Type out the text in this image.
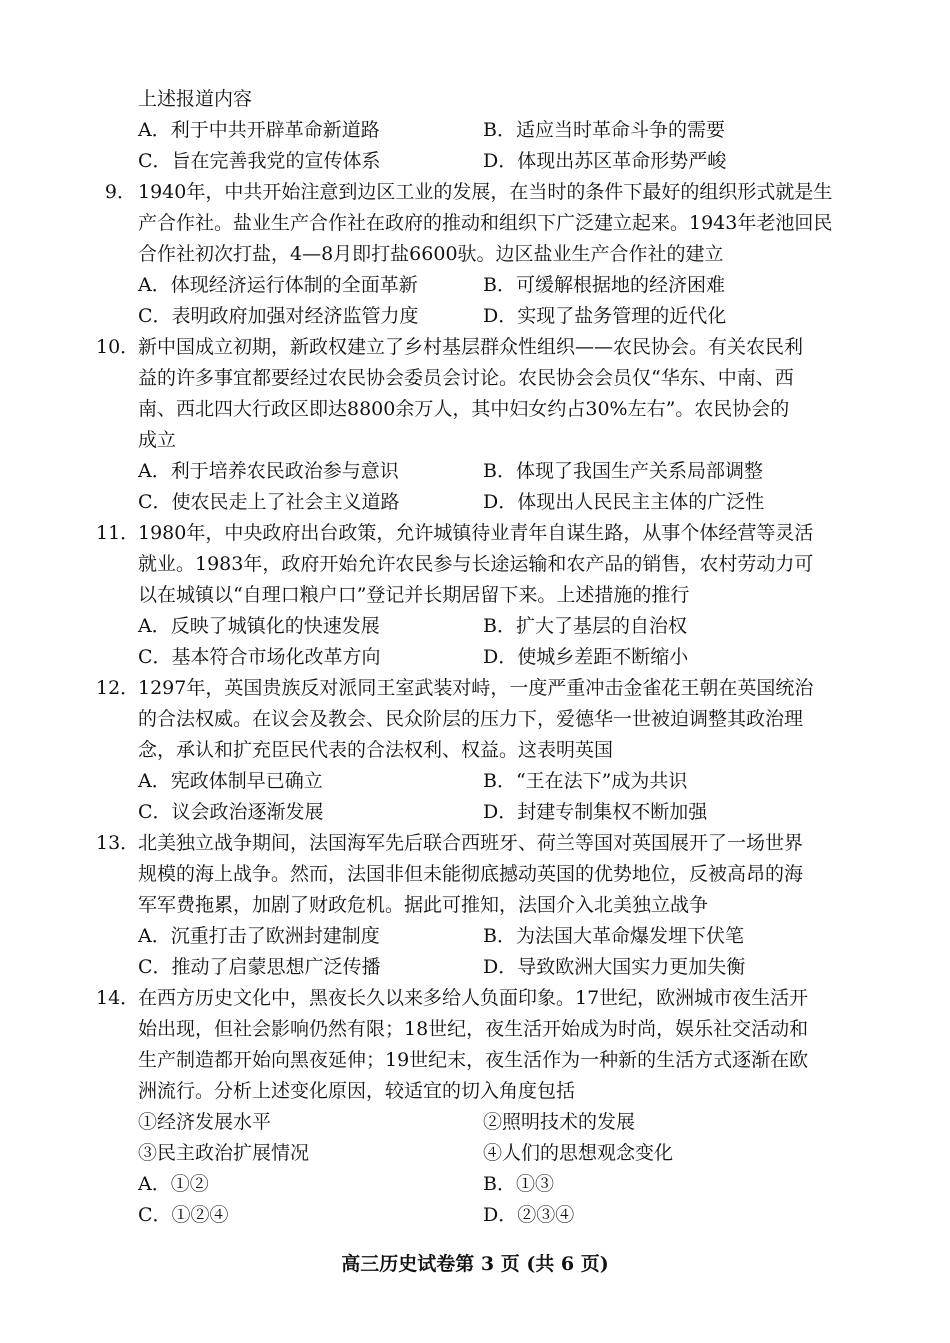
上述报道内容
A．利于中共开辟革命新道路	B．适应当时革命斗争的需要
C．旨在完善我党的宣传体系	D．体现出苏区革命形势严峻
9． 1940年，中共开始注意到边区工业的发展，在当时的条件下最好的组织形式就是生
产合作社。盐业生产合作社在政府的推动和组织下广泛建立起来。1943年老池回民
合作社初次打盐，4—8月即打盐6600驮。边区盐业生产合作社的建立
A．体现经济运行体制的全面革新	B．可缓解根据地的经济困难
C．表明政府加强对经济监管力度	D．实现了盐务管理的近代化
10．
新中国成立初期，新政权建立了乡村基层群众性组织——农民协会。有关农民利
益的许多事宜都要经过农民协会委员会讨论。农民协会会员仅“华东、中南、西
南、西北四大行政区即达8800余万人，其中妇女约占30%左右”。农民协会的
成立
A．利于培养农民政治参与意识	B．体现了我国生产关系局部调整
C．使农民走上了社会主义道路	D．体现出人民民主主体的广泛性
11．
1980年，中央政府出台政策，允许城镇待业青年自谋生路，从事个体经营等灵活
就业。1983年，政府开始允许农民参与长途运输和农产品的销售，农村劳动力可
以在城镇以“自理口粮户口”登记并长期居留下来。上述措施的推行
A．反映了城镇化的快速发展	B．扩大了基层的自治权
C．基本符合市场化改革方向	D．使城乡差距不断缩小
12．
1297年，英国贵族反对派同王室武装对峙，一度严重冲击金雀花王朝在英国统治
的合法权威。在议会及教会、民众阶层的压力下，爱德华一世被迫调整其政治理
念，承认和扩充臣民代表的合法权利、权益。这表明英国
A．宪政体制早已确立	B．“王在法下”成为共识
C．议会政治逐渐发展	D．封建专制集权不断加强
13．
北美独立战争期间，法国海军先后联合西班牙、荷兰等国对英国展开了一场世界
规模的海上战争。然而，法国非但未能彻底撼动英国的优势地位，反被高昂的海
军军费拖累，加剧了财政危机。据此可推知，法国介入北美独立战争
A．沉重打击了欧洲封建制度	B．为法国大革命爆发埋下伏笔
C．推动了启蒙思想广泛传播	D．导致欧洲大国实力更加失衡
14．
在西方历史文化中，黑夜长久以来多给人负面印象。17世纪，欧洲城市夜生活开
始出现，但社会影响仍然有限；18世纪，夜生活开始成为时尚，娱乐社交活动和
生产制造都开始向黑夜延伸；19世纪末，夜生活作为一种新的生活方式逐渐在欧
洲流行。分析上述变化原因，较适宜的切入角度包括
①经济发展水平	②照明技术的发展
③民主政治扩展情况	④人们的思想观念变化
A．①②	B．①③
C．①②④	D．②③④
高三历史试卷第 3 页 (共 6 页)
